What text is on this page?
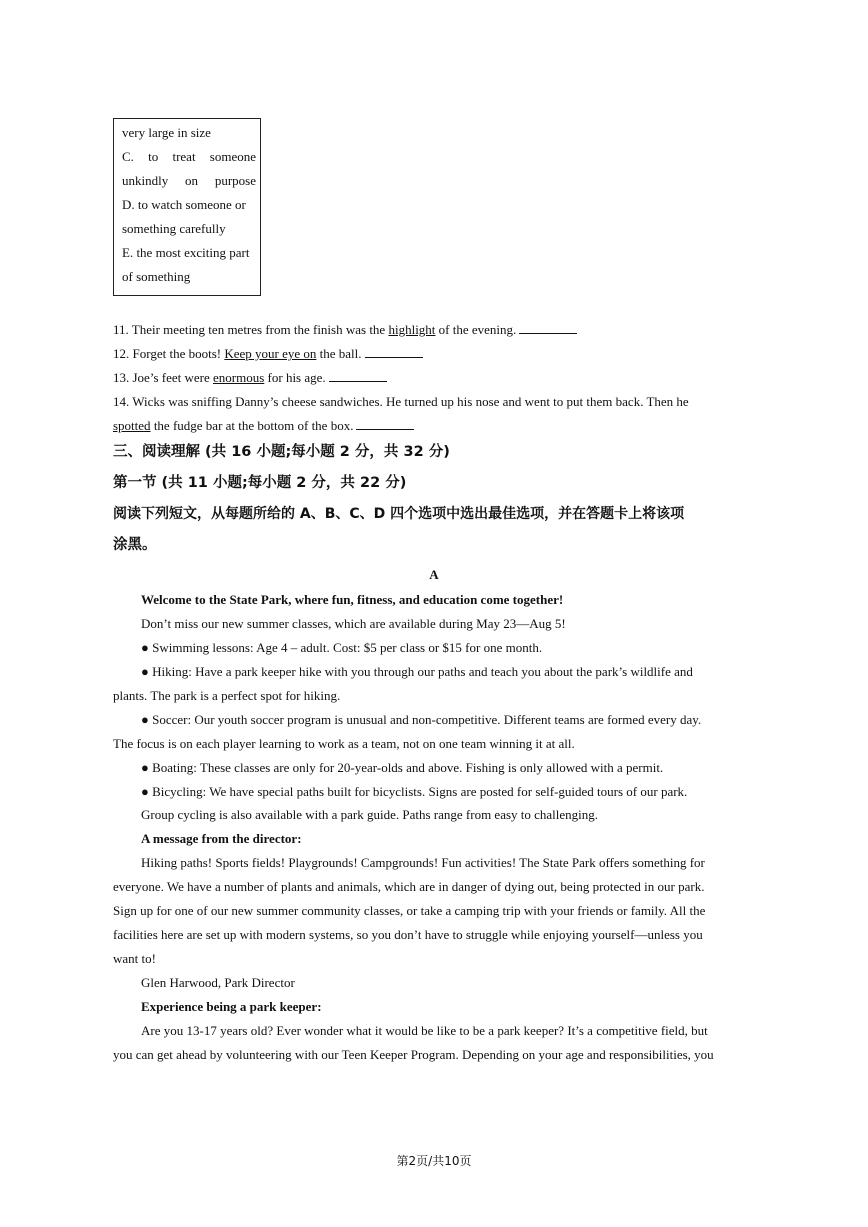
very large in size
C. to treat someone
unkindly on purpose
D. to watch someone or
something carefully
E. the most exciting part
of something
11. Their meeting ten metres from the finish was the highlight of the evening.
12. Forget the boots! Keep your eye on the ball.
13. Joe’s feet were enormous for his age.
14. Wicks was sniffing Danny’s cheese sandwiches. He turned up his nose and went to put them back. Then he
spotted the fudge bar at the bottom of the box.
三、阅读理解 (共 16 小题;每小题 2 分，共 32 分)
第一节 (共 11 小题;每小题 2 分，共 22 分)
阅读下列短文，从每题所给的 A、B、C、D 四个选项中选出最佳选项，并在答题卡上将该项
涂黑。
A
Welcome to the State Park, where fun, fitness, and education come together!
Don’t miss our new summer classes, which are available during May 23—Aug 5!
● Swimming lessons: Age 4 – adult. Cost: $5 per class or $15 for one month.
● Hiking: Have a park keeper hike with you through our paths and teach you about the park’s wildlife and
plants. The park is a perfect spot for hiking.
● Soccer: Our youth soccer program is unusual and non-competitive. Different teams are formed every day.
The focus is on each player learning to work as a team, not on one team winning it at all.
● Boating: These classes are only for 20-year-olds and above. Fishing is only allowed with a permit.
● Bicycling: We have special paths built for bicyclists. Signs are posted for self-guided tours of our park.
Group cycling is also available with a park guide. Paths range from easy to challenging.
A message from the director:
Hiking paths! Sports fields! Playgrounds! Campgrounds! Fun activities! The State Park offers something for
everyone. We have a number of plants and animals, which are in danger of dying out, being protected in our park.
Sign up for one of our new summer community classes, or take a camping trip with your friends or family. All the
facilities here are set up with modern systems, so you don’t have to struggle while enjoying yourself—unless you
want to!
Glen Harwood, Park Director
Experience being a park keeper:
Are you 13-17 years old? Ever wonder what it would be like to be a park keeper? It’s a competitive field, but
you can get ahead by volunteering with our Teen Keeper Program. Depending on your age and responsibilities, you
第2页/共10页
